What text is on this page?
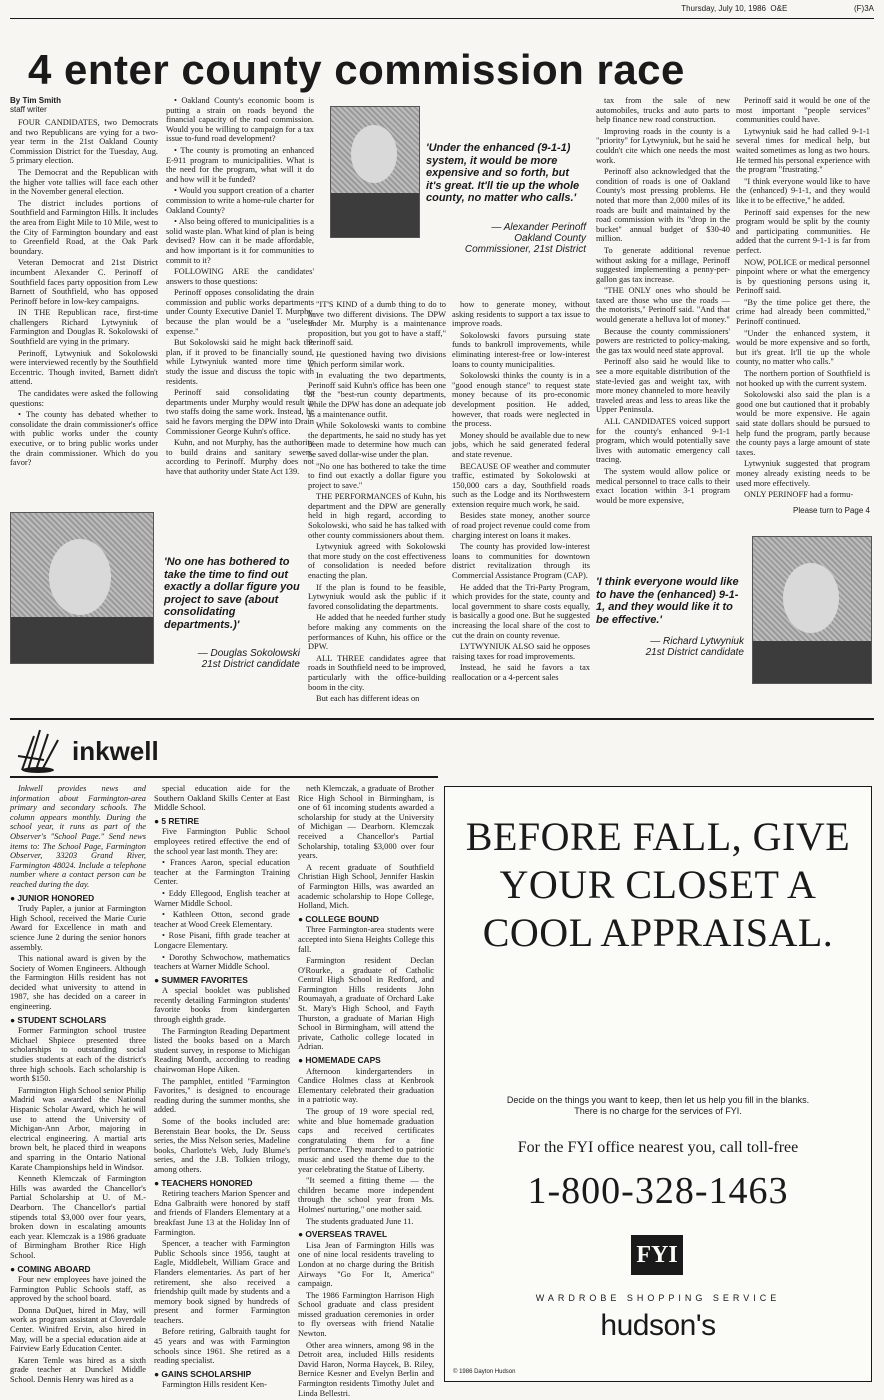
Thursday, July 10, 1986  O&E                              (F)3A
4 enter county commission race
By Tim Smith
staff writer

FOUR CANDIDATES, two Democrats and two Republicans are vying for a two-year term in the 21st Oakland County Commission District for the Tuesday, Aug. 5 primary election.

The Democrat and the Republican with the higher vote tallies will face each other in the November general election.

The district includes portions of Southfield and Farmington Hills. It includes the area from Eight Mile to 10 Mile, west to the City of Farmington boundary and east to Greenfield Road, at the Oak Park boundary.

Veteran Democrat and 21st District incumbent Alexander C. Perinoff of Southfield faces party opposition from Lew Barnett of Southfield, who has opposed Perinoff before in low-key campaigns.

IN THE Republican race, first-time challengers Richard Lytwyniuk of Farmington and Douglas R. Sokolowski of Southfield are vying in the primary.

Perinoff, Lytwyniuk and Sokolowski were interviewed recently by the Southfield Eccentric. Though invited, Barnett didn't attend.

The candidates were asked the following questions:

• The county has debated whether to consolidate the drain commissioner's office with public works under the county executive, or to bring public works under the drain commissioner. Which do you favor?

• Oakland County's economic boom is putting a strain on roads beyond the financial capacity of the road commission. Would you be willing to campaign for a tax issue to-fund road development?

• The county is promoting an enhanced E-911 program to municipalities. What is the need for the program, what will it do and how will it be funded?

• Would you support creation of a charter commission to write a home-rule charter for Oakland County?

• Also being offered to municipalities is a solid waste plan. What kind of plan is being devised? How can it be made affordable, and how important is it for communities to commit to it?

FOLLOWING ARE the candidates' answers to those questions:

Perinoff opposes consolidating the drain commission and public works departments under County Executive Daniel T. Murphy, because the plan would be a "useless expense."

But Sokolowski said he might back the plan, if it proved to be financially sound, while Lytwyniuk wanted more time to study the issue and discuss the topic with residents.

Perinoff said consolidating the departments under Murphy would result in two staffs doing the same work. Instead, he said he favors merging the DPW into Drain Commissioner George Kuhn's office.

Kuhn, and not Murphy, has the authority to build drains and sanitary sewers, according to Perinoff. Murphy does not have that authority under State Act 139.

'Under the enhanced (9-1-1) system, it would be more expensive and so forth, but it's great. It'll tie up the whole county, no matter who calls.'
— Alexander Perinoff
Oakland County
Commissioner, 21st District

"IT'S KIND of a dumb thing to do to have two different divisions. The DPW under Mr. Murphy is a maintenance proposition, but you got to have a staff," Perinoff said.

He questioned having two divisions which perform similar work.

In evaluating the two departments, Perinoff said Kuhn's office has been one of the "best-run county departments, while the DPW has done an adequate job as a maintenance outfit.

While Sokolowski wants to combine the departments, he said no study has yet been made to determine how much can be saved dollar-wise under the plan.

"No one has bothered to take the time to find out exactly a dollar figure you project to save."

THE PERFORMANCES of Kuhn, his department and the DPW are generally held in high regard, according to Sokolowski, who said he has talked with other county commissioners about them.

Lytwyniuk agreed with Sokolowski that more study on the cost effectiveness of consolidation is needed before enacting the plan.

If the plan is found to be feasible, Lytwyniuk would ask the public if it favored consolidating the departments.

He added that he needed further study before making any comments on the performances of Kuhn, his office or the DPW.

ALL THREE candidates agree that roads in Southfield need to be improved, particularly with the office-building boom in the city.

But each has different ideas on

how to generate money, without asking residents to support a tax issue to improve roads.

Sokolowski favors pursuing state funds to bankroll improvements, while eliminating interest-free or low-interest loans to county municipalities.

Sokolowski thinks the county is in a "good enough stance" to request state money because of its pro-economic development position. He added, however, that roads were neglected in the process.

Money should be available due to new jobs, which he said generated federal and state revenue.

BECAUSE OF weather and commuter traffic, estimated by Sokolowski at 150,000 cars a day, Southfield roads such as the Lodge and its Northwestern extension require much work, he said.

Besides state money, another source of road project revenue could come from charging interest on loans it makes.

The county has provided low-interest loans to communities for downtown district revitalization through its Commercial Assistance Program (CAP).

He added that the Tri-Party Program, which provides for the state, county and local government to share costs equally, is basically a good one. But he suggested increasing the local share of the cost to cut the drain on county revenue.

LYTWYNIUK ALSO said he opposes raising taxes for road improvements.

Instead, he said he favors a tax reallocation or a 4-percent sales

tax from the sale of new automobiles, trucks and auto parts to help finance new road construction.

Improving roads in the county is a "priority" for Lytwyniuk, but he said he couldn't cite which one needs the most work.

Perinoff also acknowledged that the condition of roads is one of Oakland County's most pressing problems. He noted that more than 2,000 miles of its roads are built and maintained by the road commission with its "drop in the bucket" annual budget of $30-40 million.

To generate additional revenue without asking for a millage, Perinoff suggested implementing a penny-per-gallon gas tax increase.

"THE ONLY ones who should be taxed are those who use the roads — the motorists," Perinoff said. "And that would generate a helluva lot of money."

Because the county commissioners' powers are restricted to policy-making, the gas tax would need state approval.

Perinoff also said he would like to see a more equitable distribution of the state-levied gas and weight tax, with more money channeled to more heavily traveled areas and less to areas like the Upper Peninsula.

ALL CANDIDATES voiced support for the county's enhanced 9-1-1 program, which would potentially save lives with automatic emergency call tracing.

The system would allow police or medical personnel to trace calls to their exact location within 3-1 program would be more expensive,

Perinoff said it would be one of the most important "people services" communities could have.

Lytwyniuk said he had called 9-1-1 several times for medical help, but waited sometimes as long as two hours. He termed his personal experience with the program "frustrating."

"I think everyone would like to have the (enhanced) 9-1-1, and they would like it to be effective," he added.

Perinoff said expenses for the new program would be split by the county and participating communities. He added that the current 9-1-1 is far from perfect.

NOW, POLICE or medical personnel pinpoint where or what the emergency is by questioning persons using it, Perinoff said.

"By the time police get there, the crime had already been committed," Perinoff continued.

"Under the enhanced system, it would be more expensive and so forth, but it's great. It'll tie up the whole county, no matter who calls."

The northern portion of Southfield is not hooked up with the current system.

Sokolowski also said the plan is a good one but cautioned that it probably would be more expensive. He again said state dollars should be pursued to help fund the program, partly because the county pays a large amount of state taxes.

Lytwyniuk suggested that program money already existing needs to be used more effectively.

ONLY PERINOFF had a formu-

'No one has bothered to take the time to find out exactly a dollar figure you project to save (about consolidating departments.)'
— Douglas Sokolowski
21st District candidate
'I think everyone would like to have the (enhanced) 9-1-1, and they would like it to be effective.'
— Richard Lytwyniuk
21st District candidate
Please turn to Page 4
inkwell

Inkwell provides news and information about Farmington-area primary and secondary schools. The column appears monthly. During the school year, it runs as part of the Observer's "School Page." Send news items to: The School Page, Farmington Observer, 33203 Grand River, Farmington 48024. Include a telephone number where a contact person can be reached during the day.

● JUNIOR HONORED

Trudy Papler, a junior at Farmington High School, received the Marie Curie Award for Excellence in math and science June 2 during the senior honors assembly.

This national award is given by the Society of Women Engineers. Although the Farmington Hills resident has not decided what university to attend in 1987, she has decided on a career in engineering.

● STUDENT SCHOLARS

Former Farmington school trustee Michael Shpiece presented three scholarships to outstanding social studies students at each of the district's three high schools. Each scholarship is worth $150.

Farmington High School senior Philip Madrid was awarded the National Hispanic Scholar Award, which he will use to attend the University of Michigan-Ann Arbor, majoring in electrical engineering. A martial arts brown belt, he placed third in weapons and sparring in the Ontario National Karate Championships held in Windsor.

Kenneth Klemczak of Farmington Hills was awarded the Chancellor's Partial Scholarship at U. of M.-Dearborn. The Chancellor's partial stipends total $3,000 over four years, broken down in escalating amounts each year. Klemczak is a 1986 graduate of Birmingham Brother Rice High School.

● COMING ABOARD

Four new employees have joined the Farmington Public Schools staff, as approved by the school board.

Donna DuQuet, hired in May, will work as program assistant at Cloverdale Center. Winifred Ervin, also hired in May, will be a special education aide at Fairview Early Education Center.

Karen Temle was hired as a sixth grade teacher at Dunckel Middle School. Dennis Henry was hired as a

special education aide for the Southern Oakland Skills Center at East Middle School.

● 5 RETIRE

Five Farmington Public School employees retired effective the end of the school year last month. They are:

• Frances Aaron, special education teacher at the Farmington Training Center.

• Eddy Ellegood, English teacher at Warner Middle School.

• Kathleen Otton, second grade teacher at Wood Creek Elementary.

• Rose Pisani, fifth grade teacher at Longacre Elementary.

• Dorothy Schwochow, mathematics teachers at Warner Middle School.

● SUMMER FAVORITES

A special booklet was published recently detailing Farmington students' favorite books from kindergarten through eighth grade.

The Farmington Reading Department listed the books based on a March student survey, in response to Michigan Reading Month, according to reading chairwoman Hope Aiken.

The pamphlet, entitled "Farmington Favorites," is designed to encourage reading during the summer months, she added.

Some of the books included are: Berenstain Bear books, the Dr. Seuss series, the Miss Nelson series, Madeline books, Charlotte's Web, Judy Blume's series, and the J.B. Tolkien trilogy, among others.

● TEACHERS HONORED

Retiring teachers Marion Spencer and Edna Galbraith were honored by staff and friends of Flanders Elementary at a breakfast June 13 at the Holiday Inn of Farmington.

Spencer, a teacher with Farmington Public Schools since 1956, taught at Eagle, Middlebelt, William Grace and Flanders elementaries. As part of her retirement, she also received a friendship quilt made by students and a memory book signed by hundreds of present and former Farmington teachers.

Before retiring, Galbraith taught for 45 years and was with Farmington schools since 1961. She retired as a reading specialist.

● GAINS SCHOLARSHIP

Farmington Hills resident Ken-

neth Klemczak, a graduate of Brother Rice High School in Birmingham, is one of 61 incoming students awarded a scholarship for study at the University of Michigan — Dearborn. Klemczak received a Chancellor's Partial Scholarship, totaling $3,000 over four years.

A recent graduate of Southfield Christian High School, Jennifer Haskin of Farmington Hills, was awarded an academic scholarship to Hope College, Holland, Mich.

● COLLEGE BOUND

Three Farmington-area students were accepted into Siena Heights College this fall.

Farmington resident Declan O'Rourke, a graduate of Catholic Central High School in Redford, and Farmington Hills residents John Roumayah, a graduate of Orchard Lake St. Mary's High School, and Fayth Thurston, a graduate of Marian High School in Birmingham, will attend the private, Catholic college located in Adrian.

● HOMEMADE CAPS

Afternoon kindergartenders in Candice Holmes class at Kenbrook Elementary celebrated their graduation in a patriotic way.

The group of 19 wore special red, white and blue homemade graduation caps and received certificates congratulating them for a fine performance. They marched to patriotic music and used the theme due to the year celebrating the Statue of Liberty.

"It seemed a fitting theme — the children became more independent through the school year from Ms. Holmes' nurturing," one mother said.

The students graduated June 11.

● OVERSEAS TRAVEL

Lisa Jean of Farmington Hills was one of nine local residents traveling to London at no charge during the British Airways "Go For It, America" campaign.

The 1986 Farmington Harrison High School graduate and class president missed graduation ceremonies in order to fly overseas with friend Natalie Newton.

Other area winners, among 98 in the Detroit area, included Hills residents David Haron, Norma Haycek, B. Riley, Bernice Kesner and Evelyn Berlin and Farmington residents Timothy Julet and Linda Bellestri.

BEFORE FALL, GIVE
YOUR CLOSET A
COOL APPRAISAL.
Decide on the things you want to keep, then let us help you fill in the blanks.
There is no charge for the services of FYI.
For the FYI office nearest you, call toll-free
1-800-328-1463
FYI
WARDROBE SHOPPING SERVICE
hudson's
© 1986 Dayton Hudson
